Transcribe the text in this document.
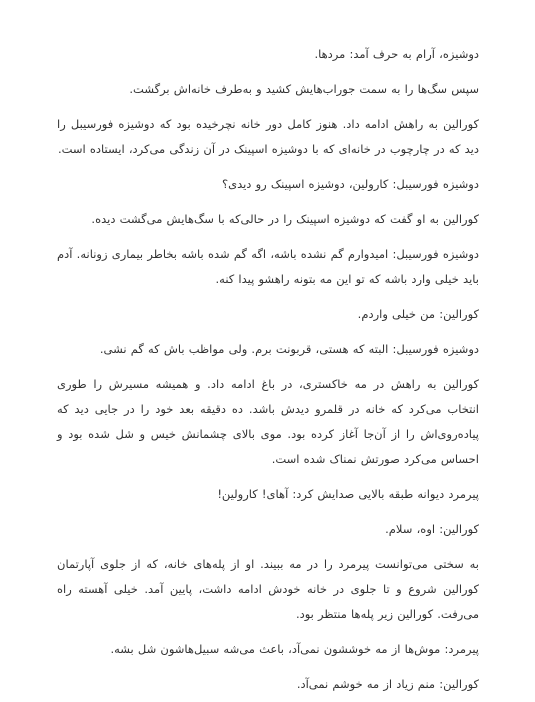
دوشیزه، آرام به حرف آمد: مردها.

سپس سگ‌ها را به سمت جوراب‌هایش کشید و به‌طرف خانه‌اش برگشت.

کورالین به راهش ادامه داد. هنوز کامل دور خانه نچرخیده بود که دوشیزه فورسیبل را دید که در چارچوب در خانه‌ای که با دوشیزه اسپینک در آن زندگی می‌کرد، ایستاده است.

دوشیزه فورسیبل: کارولین، دوشیزه اسپینک رو دیدی؟

کورالین به او گفت که دوشیزه اسپینک را در حالی‌که با سگ‌هایش می‌گشت دیده.

دوشیزه فورسیبل: امیدوارم گم نشده باشه، اگه گم شده باشه بخاطر بیماری زونانه. آدم باید خیلی وارد باشه که تو این مه بتونه راهشو پیدا کنه.

کورالین: من خیلی واردم.

دوشیزه فورسیبل: البته که هستی، قربونت برم. ولی مواظب باش که گم نشی.

کورالین به راهش در مه خاکستری، در باغ ادامه داد. و همیشه مسیرش را طوری انتخاب می‌کرد که خانه در قلمرو دیدش باشد. ده دقیقه بعد خود را در جایی دید که پیاده‌روی‌اش را از آن‌جا آغاز کرده بود. موی بالای چشمانش خیس و شل شده بود و احساس می‌کرد صورتش نمناک شده است.

پیرمرد دیوانه طبقه بالایی صدایش کرد: آهای! کارولین!

کورالین: اوه، سلام.

به سختی می‌توانست پیرمرد را در مه ببیند. او از پله‌های خانه، که از جلوی آپارتمان کورالین شروع و تا جلوی در خانه خودش ادامه داشت، پایین آمد. خیلی آهسته راه می‌رفت. کورالین زیر پله‌ها منتظر بود.

پیرمرد: موش‌ها از مه خوششون نمی‌آد، باعث می‌شه سبیل‌هاشون شل بشه.

کورالین: منم زیاد از مه خوشم نمی‌آد.
